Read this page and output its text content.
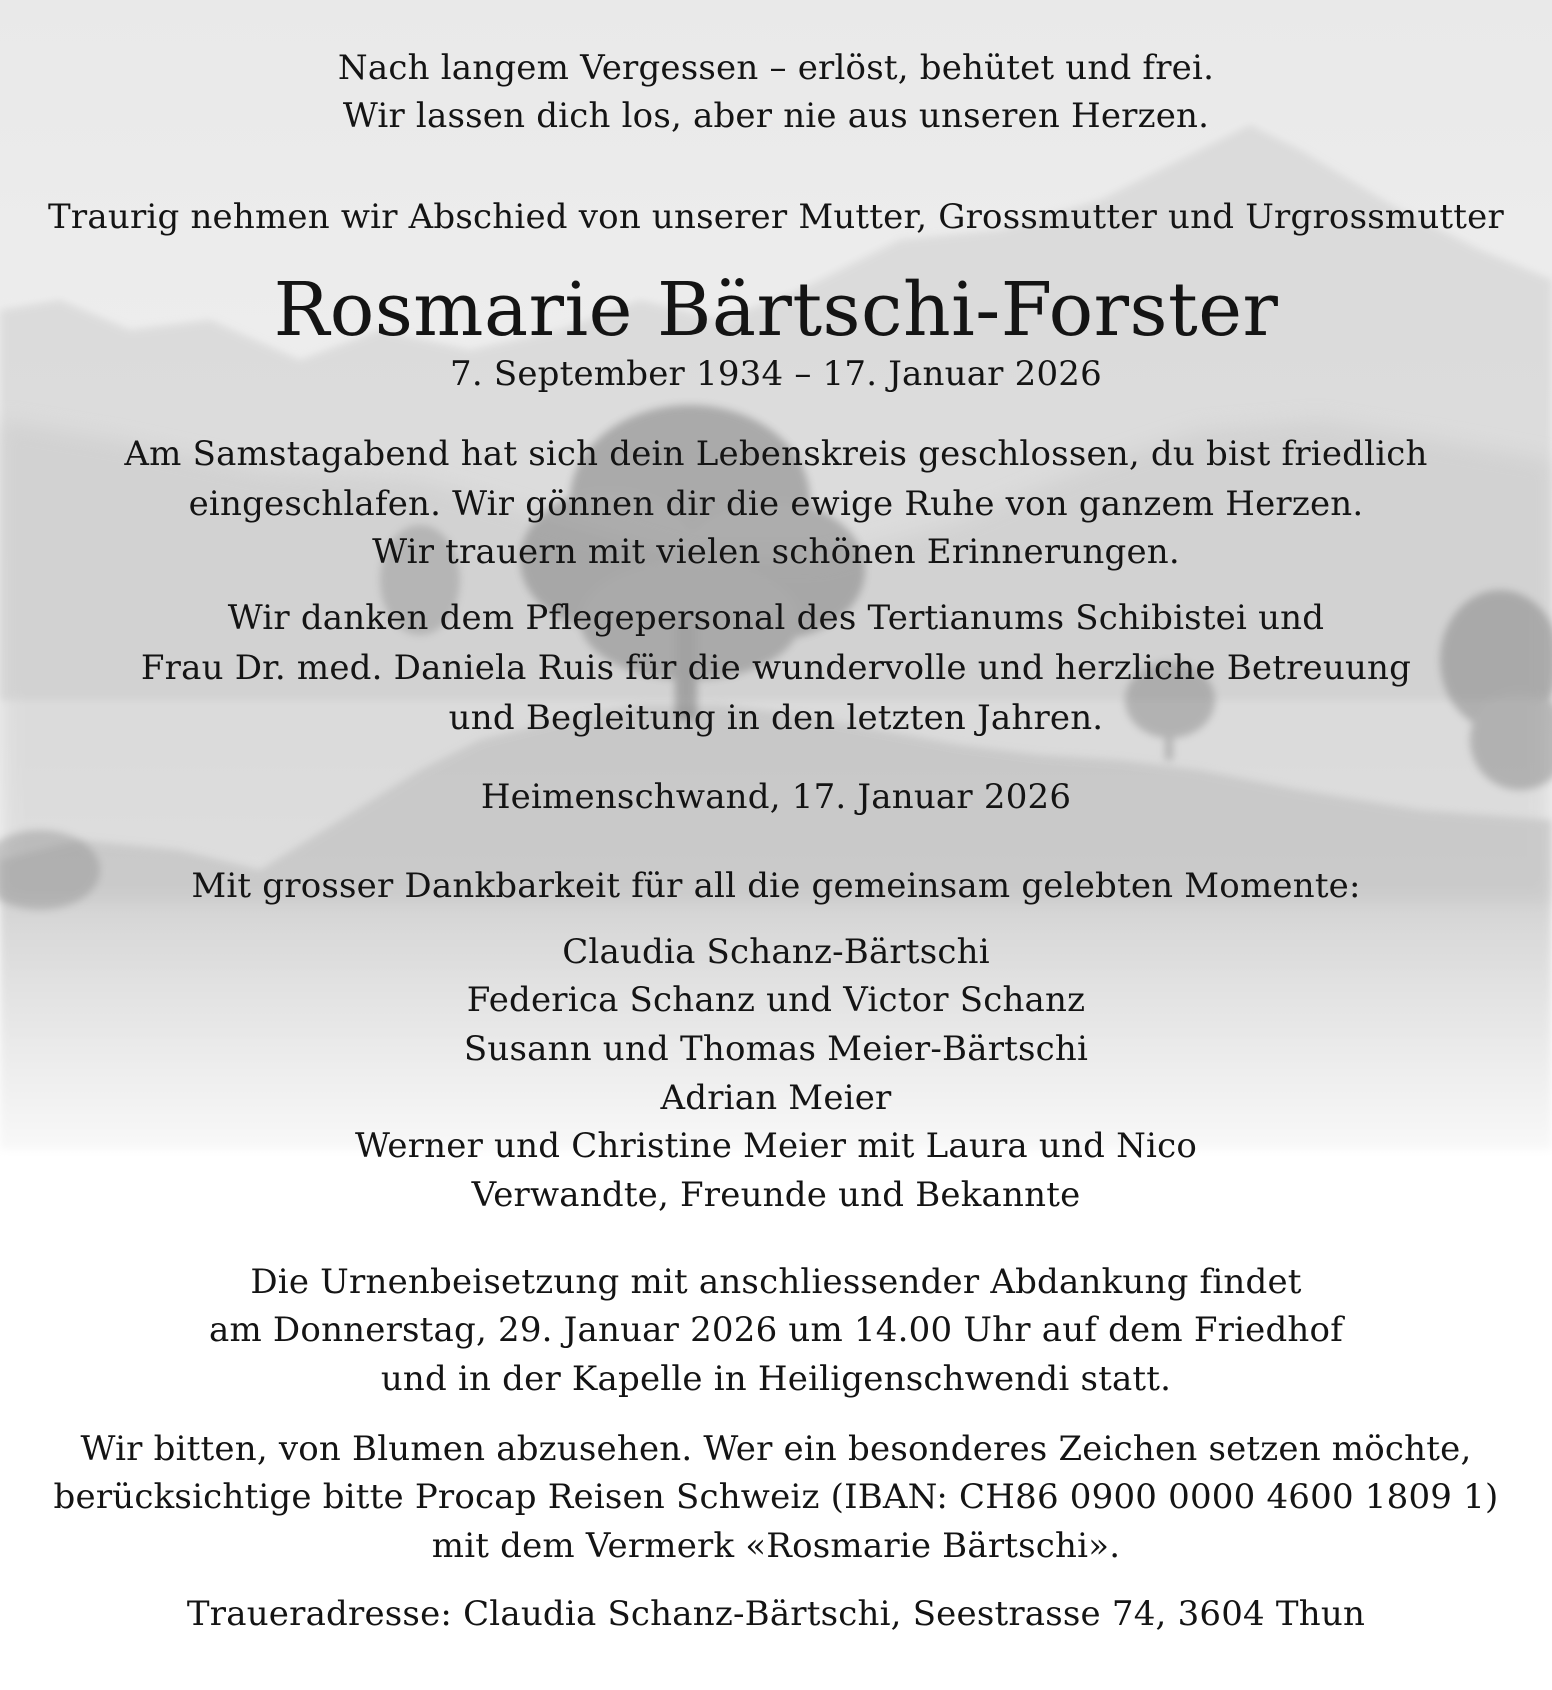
Nach langem Vergessen – erlöst, behütet und frei.
Wir lassen dich los, aber nie aus unseren Herzen.
Traurig nehmen wir Abschied von unserer Mutter, Grossmutter und Urgrossmutter
Rosmarie Bärtschi-Forster
7. September 1934 – 17. Januar 2026
Am Samstagabend hat sich dein Lebenskreis geschlossen, du bist friedlich
eingeschlafen. Wir gönnen dir die ewige Ruhe von ganzem Herzen.
Wir trauern mit vielen schönen Erinnerungen.
Wir danken dem Pflegepersonal des Tertianums Schibistei und
Frau Dr. med. Daniela Ruis für die wundervolle und herzliche Betreuung
und Begleitung in den letzten Jahren.
Heimenschwand, 17. Januar 2026
Mit grosser Dankbarkeit für all die gemeinsam gelebten Momente:
Claudia Schanz-Bärtschi
Federica Schanz und Victor Schanz
Susann und Thomas Meier-Bärtschi
Adrian Meier
Werner und Christine Meier mit Laura und Nico
Verwandte, Freunde und Bekannte
Die Urnenbeisetzung mit anschliessender Abdankung findet
am Donnerstag, 29. Januar 2026 um 14.00 Uhr auf dem Friedhof
und in der Kapelle in Heiligenschwendi statt.
Wir bitten, von Blumen abzusehen. Wer ein besonderes Zeichen setzen möchte,
berücksichtige bitte Procap Reisen Schweiz (IBAN: CH86 0900 0000 4600 1809 1)
mit dem Vermerk «Rosmarie Bärtschi».
Traueradresse: Claudia Schanz-Bärtschi, Seestrasse 74, 3604 Thun
